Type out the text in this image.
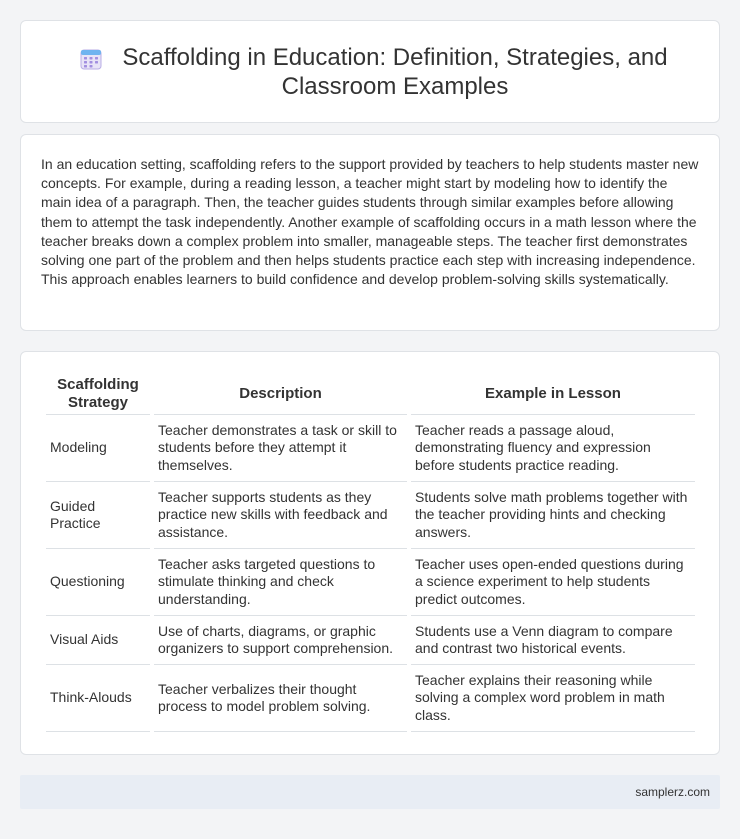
Scaffolding in Education: Definition, Strategies, and Classroom Examples

In an education setting, scaffolding refers to the support provided by teachers to help students master new concepts. For example, during a reading lesson, a teacher might start by modeling how to identify the main idea of a paragraph. Then, the teacher guides students through similar examples before allowing them to attempt the task independently. Another example of scaffolding occurs in a math lesson where the teacher breaks down a complex problem into smaller, manageable steps. The teacher first demonstrates solving one part of the problem and then helps students practice each step with increasing independence. This approach enables learners to build confidence and develop problem-solving skills systematically.

Scaffolding Strategy	Description	Example in Lesson
Modeling	Teacher demonstrates a task or skill to students before they attempt it themselves.	Teacher reads a passage aloud, demonstrating fluency and expression before students practice reading.
Guided Practice	Teacher supports students as they practice new skills with feedback and assistance.	Students solve math problems together with the teacher providing hints and checking answers.
Questioning	Teacher asks targeted questions to stimulate thinking and check understanding.	Teacher uses open-ended questions during a science experiment to help students predict outcomes.
Visual Aids	Use of charts, diagrams, or graphic organizers to support comprehension.	Students use a Venn diagram to compare and contrast two historical events.
Think-Alouds	Teacher verbalizes their thought process to model problem solving.	Teacher explains their reasoning while solving a complex word problem in math class.
samplerz.com
